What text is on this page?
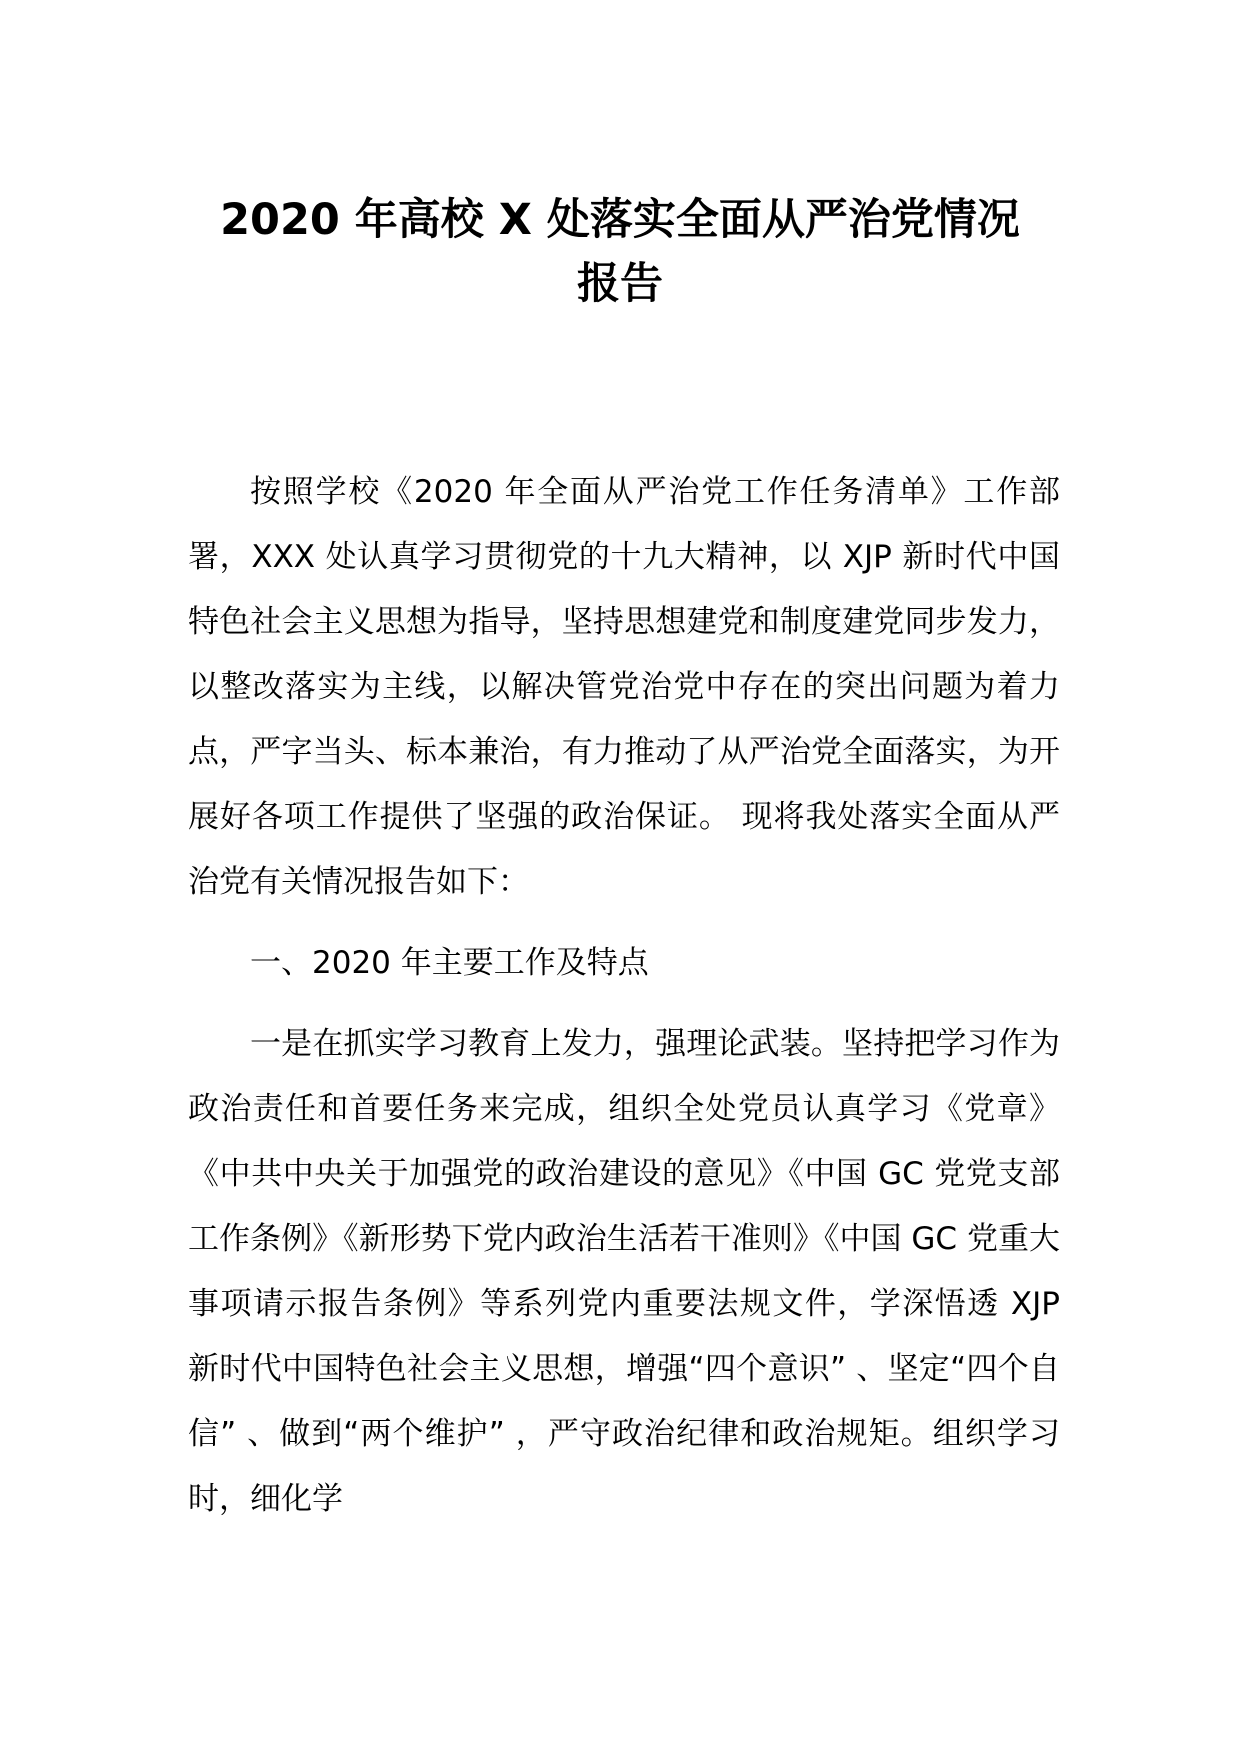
2020 年高校 X 处落实全面从严治党情况
报告

按照学校《2020 年全面从严治党工作任务清单》工作部署，XXX 处认真学习贯彻党的十九大精神，以 XJP 新时代中国特色社会主义思想为指导，坚持思想建党和制度建党同步发力，以整改落实为主线，以解决管党治党中存在的突出问题为着力点，严字当头、标本兼治，有力推动了从严治党全面落实，为开展好各项工作提供了坚强的政治保证。 现将我处落实全面从严治党有关情况报告如下：

一、2020 年主要工作及特点

一是在抓实学习教育上发力，强理论武装。坚持把学习作为政治责任和首要任务来完成，组织全处党员认真学习《党章》《中共中央关于加强党的政治建设的意见》《中国 GC 党党支部工作条例》《新形势下党内政治生活若干准则》《中国 GC 党重大事项请示报告条例》等系列党内重要法规文件，学深悟透 XJP 新时代中国特色社会主义思想，增强“四个意识” 、坚定“四个自信” 、做到“两个维护” ，严守政治纪律和政治规矩。组织学习时，细化学
